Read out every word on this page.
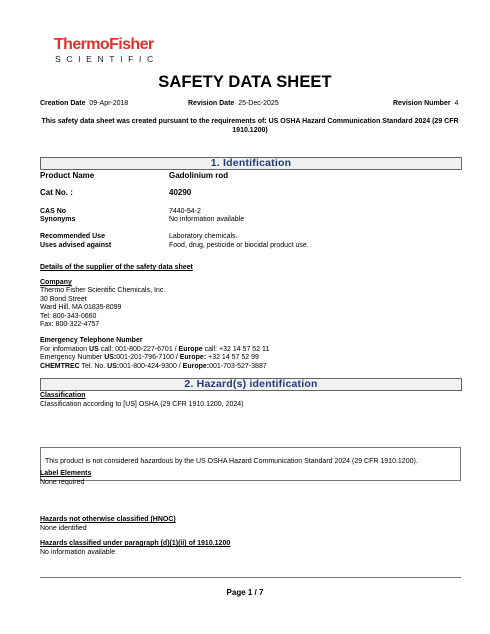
ThermoFisher
SCIENTIFIC
SAFETY DATA SHEET
Creation Date 09-Apr-2018	Revision Date 25-Dec-2025	Revision Number 4
This safety data sheet was created pursuant to the requirements of: US OSHA Hazard Communication Standard 2024 (29 CFR 1910.1200)
1. Identification
Product Name	Gadolinium rod
Cat No. :	40290
CAS No	7440-54-2
Synonyms	No information available
Recommended Use	Laboratory chemicals.
Uses advised against	Food, drug, pesticide or biocidal product use.
Details of the supplier of the safety data sheet
Company
Thermo Fisher Scientific Chemicals, Inc.
30 Bond Street
Ward Hill, MA 01835-8099
Tel: 800-343-0660
Fax: 800-322-4757
Emergency Telephone Number
For information US call: 001-800-227-6701 / Europe call: +32 14 57 52 11
Emergency Number US:001-201-796-7100 / Europe: +32 14 57 52 99
CHEMTREC Tel. No. US:001-800-424-9300 / Europe:001-703-527-3887
2. Hazard(s) identification
Classification
Classification according to [US] OSHA (29 CFR 1910.1200, 2024)
This product is not considered hazardous by the US OSHA Hazard Communication Standard 2024 (29 CFR 1910.1200).
Label Elements
None required
Hazards not otherwise classified (HNOC)
None identified
Hazards classified under paragraph (d)(1)(ii) of 1910.1200
No information available
Page 1 / 7
